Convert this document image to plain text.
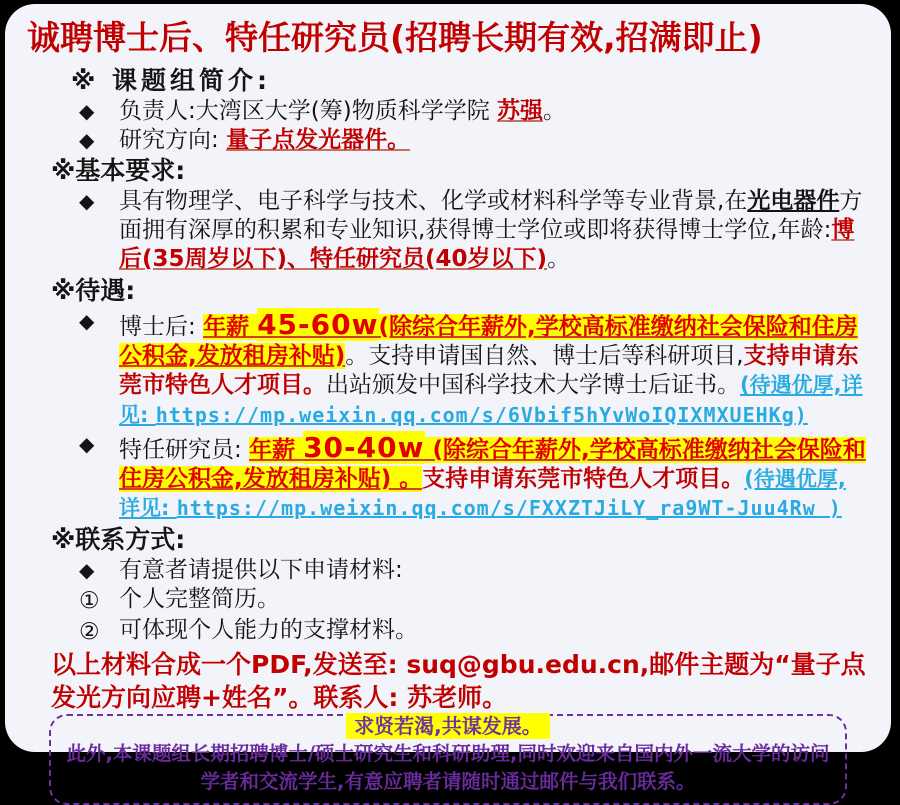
诚聘博士后、特任研究员(招聘长期有效,招满即止)
※ 课题组简介:
◆	负责人:大湾区大学(筹)物质科学学院 苏强。
◆	研究方向: 量子点发光器件。
※基本要求:
◆	具有物理学、电子科学与技术、化学或材料科学等专业背景,在光电器件方面拥有深厚的积累和专业知识,获得博士学位或即将获得博士学位,年龄:博后(35周岁以下)、特任研究员(40岁以下)。
※待遇:
◆	博士后: 年薪 45-60w(除综合年薪外,学校高标准缴纳社会保险和住房公积金,发放租房补贴)。支持申请国自然、博士后等科研项目,支持申请东莞市特色人才项目。出站颁发中国科学技术大学博士后证书。(待遇优厚,详见: https://mp.weixin.qq.com/s/6Vbif5hYvWoIQIXMXUEHKg)
◆	特任研究员: 年薪 30-40w (除综合年薪外,学校高标准缴纳社会保险和住房公积金,发放租房补贴) 。支持申请东莞市特色人才项目。(待遇优厚, 详见: https://mp.weixin.qq.com/s/FXXZTJiLY_ra9WT-Juu4Rw )
※联系方式:
◆	有意者请提供以下申请材料:
① 个人完整简历。
② 可体现个人能力的支撑材料。
以上材料合成一个PDF,发送至: suq@gbu.edu.cn,邮件主题为“量子点发光方向应聘+姓名”。联系人: 苏老师。
求贤若渴,共谋发展。
此外,本课题组长期招聘博士/硕士研究生和科研助理,同时欢迎来自国内外一流大学的访问学者和交流学生,有意应聘者请随时通过邮件与我们联系。
